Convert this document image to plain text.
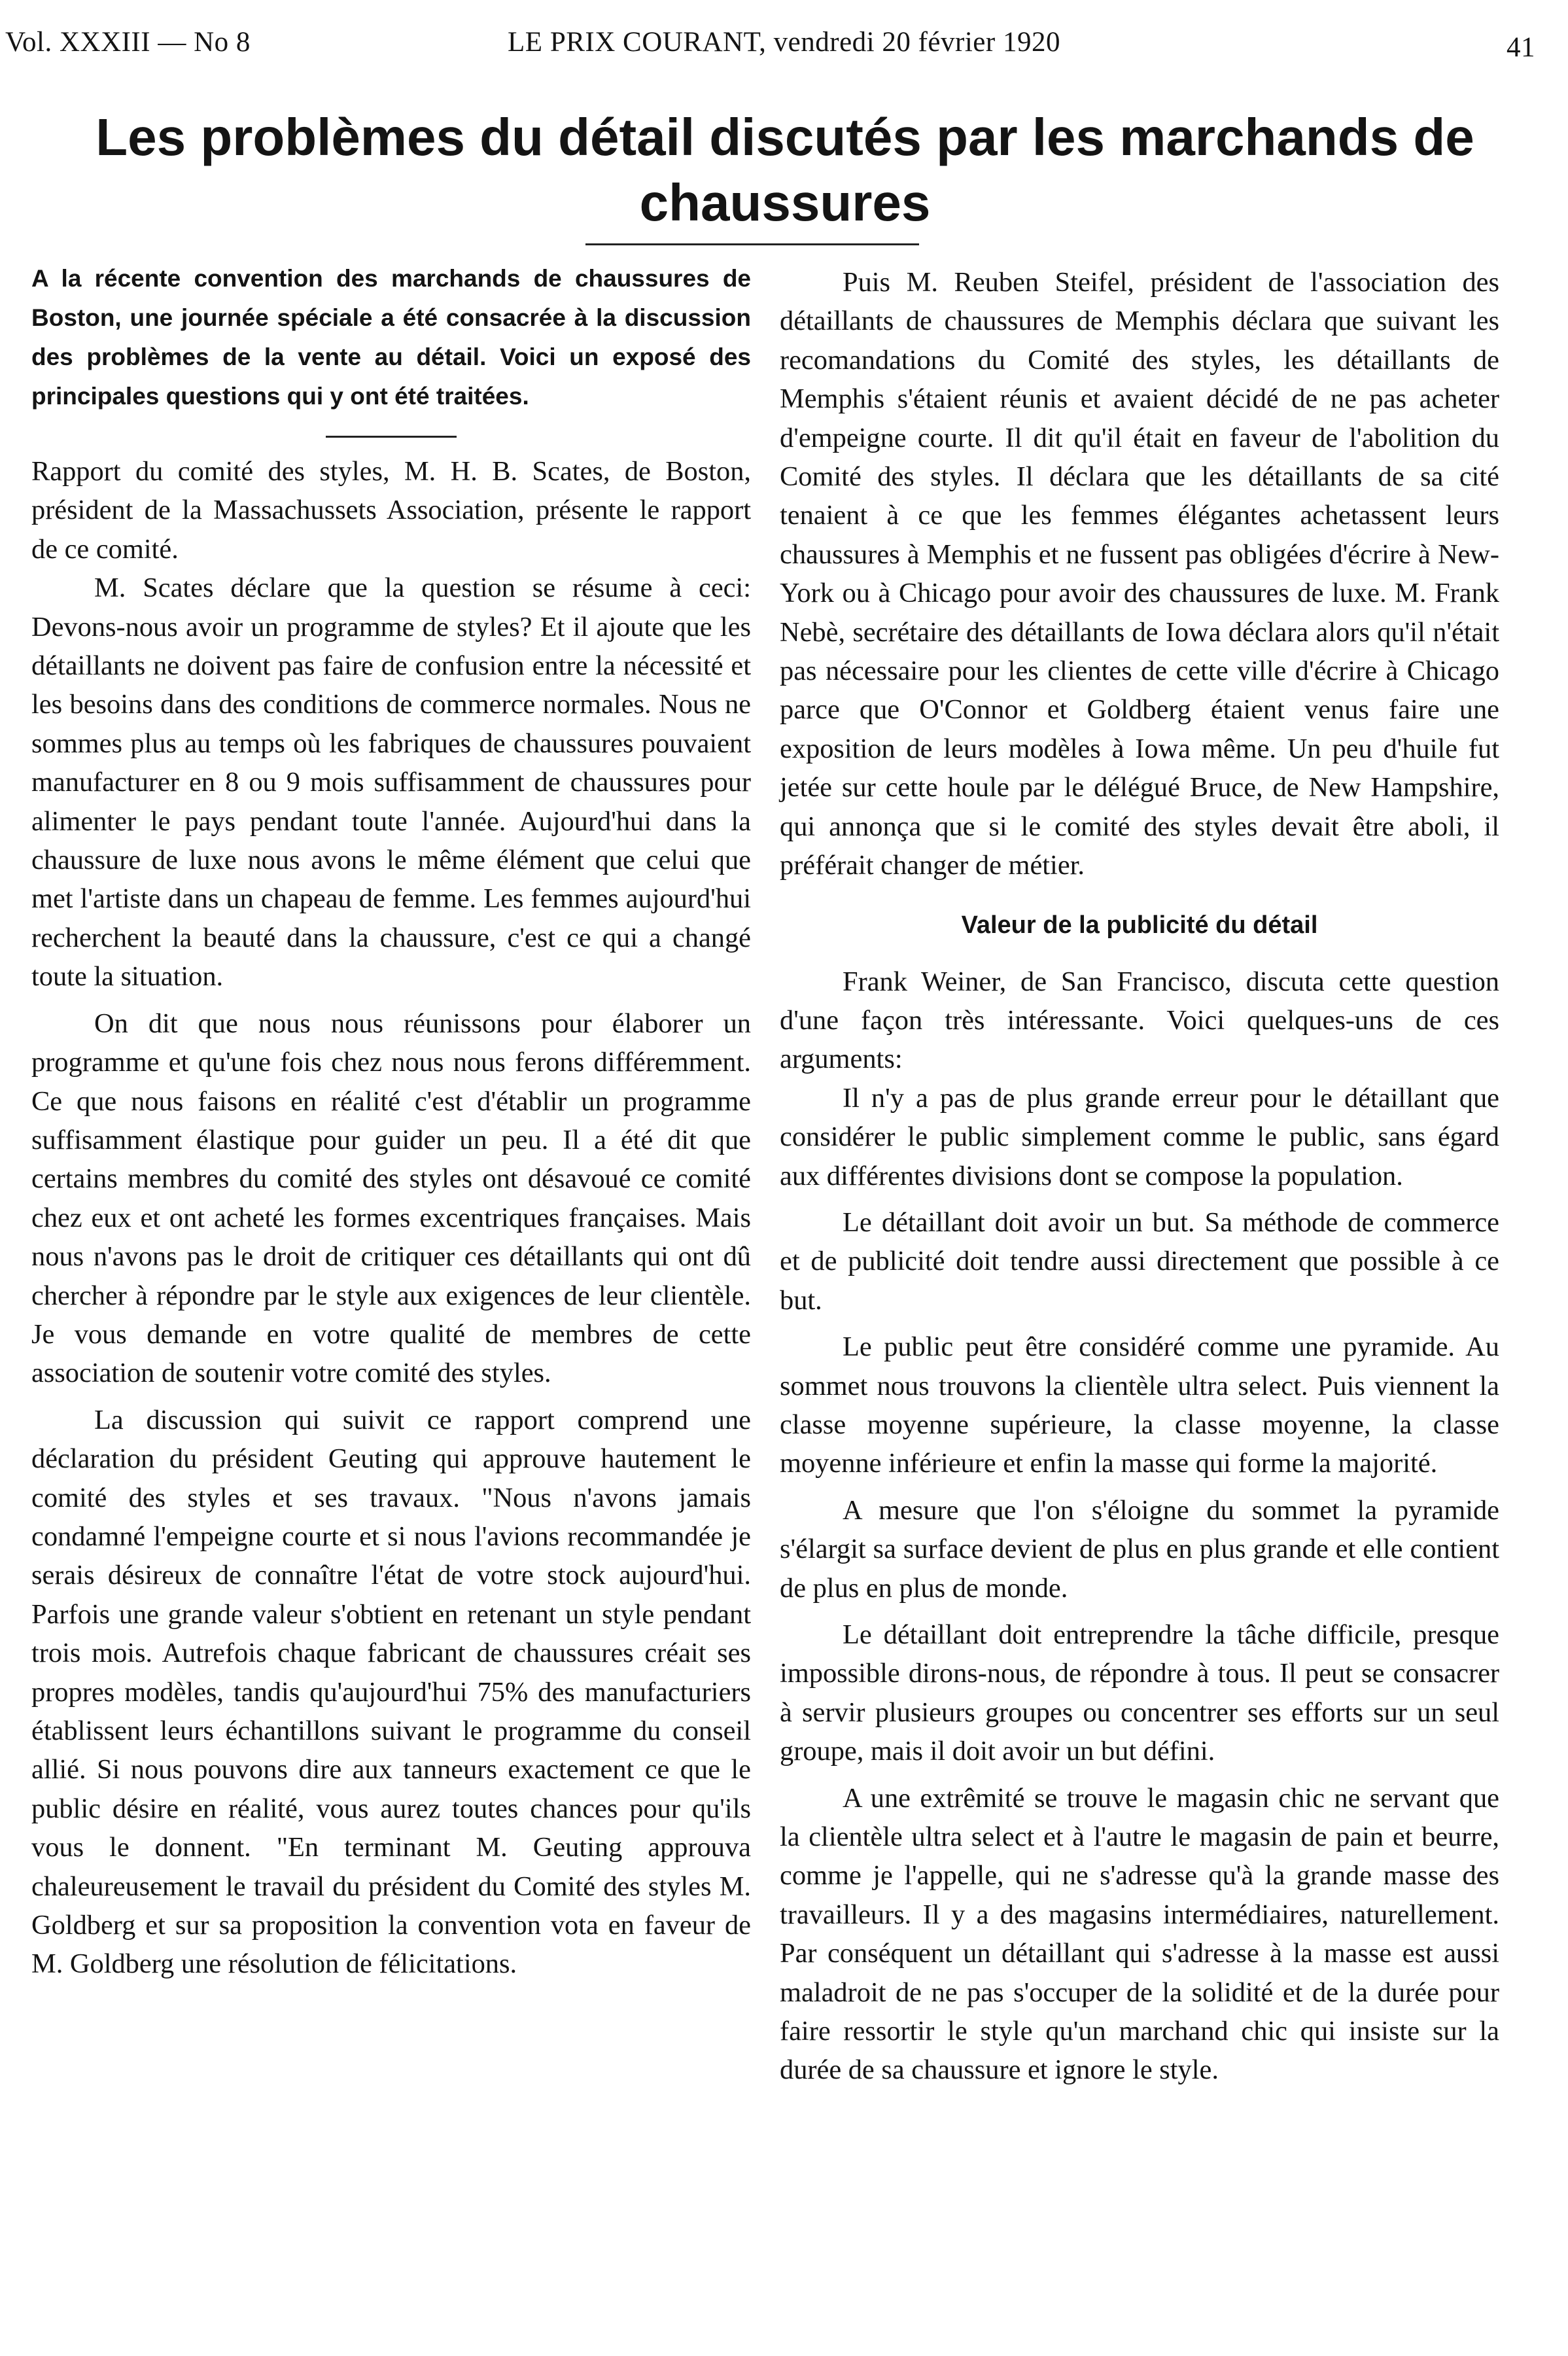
Vol. XXXIII — No 8	LE PRIX COURANT, vendredi 20 février 1920	41
Les problèmes du détail discutés par les marchands de chaussures

A la récente convention des marchands de chaussures de Boston, une journée spéciale a été consacrée à la discussion des problèmes de la vente au détail. Voici un exposé des principales questions qui y ont été traitées.

Rapport du comité des styles, M. H. B. Scates, de Boston, président de la Massachussets Association, présente le rapport de ce comité.

M. Scates déclare que la question se résume à ceci: Devons-nous avoir un programme de styles? Et il ajoute que les détaillants ne doivent pas faire de confusion entre la nécessité et les besoins dans des conditions de commerce normales. Nous ne sommes plus au temps où les fabriques de chaussures pouvaient manufacturer en 8 ou 9 mois suffisamment de chaussures pour alimenter le pays pendant toute l'année. Aujourd'hui dans la chaussure de luxe nous avons le même élément que celui que met l'artiste dans un chapeau de femme. Les femmes aujourd'hui recherchent la beauté dans la chaussure, c'est ce qui a changé toute la situation.

On dit que nous nous réunissons pour élaborer un programme et qu'une fois chez nous nous ferons différemment. Ce que nous faisons en réalité c'est d'établir un programme suffisamment élastique pour guider un peu. Il a été dit que certains membres du comité des styles ont désavoué ce comité chez eux et ont acheté les formes excentriques françaises. Mais nous n'avons pas le droit de critiquer ces détaillants qui ont dû chercher à répondre par le style aux exigences de leur clientèle. Je vous demande en votre qualité de membres de cette association de soutenir votre comité des styles.

La discussion qui suivit ce rapport comprend une déclaration du président Geuting qui approuve hautement le comité des styles et ses travaux. "Nous n'avons jamais condamné l'empeigne courte et si nous l'avions recommandée je serais désireux de connaître l'état de votre stock aujourd'hui. Parfois une grande valeur s'obtient en retenant un style pendant trois mois. Autrefois chaque fabricant de chaussures créait ses propres modèles, tandis qu'aujourd'hui 75% des manufacturiers établissent leurs échantillons suivant le programme du conseil allié. Si nous pouvons dire aux tanneurs exactement ce que le public désire en réalité, vous aurez toutes chances pour qu'ils vous le donnent. "En terminant M. Geuting approuva chaleureusement le travail du président du Comité des styles M. Goldberg et sur sa proposition la convention vota en faveur de M. Goldberg une résolution de félicitations.

Puis M. Reuben Steifel, président de l'association des détaillants de chaussures de Memphis déclara que suivant les recomandations du Comité des styles, les détaillants de Memphis s'étaient réunis et avaient décidé de ne pas acheter d'empeigne courte. Il dit qu'il était en faveur de l'abolition du Comité des styles. Il déclara que les détaillants de sa cité tenaient à ce que les femmes élégantes achetassent leurs chaussures à Memphis et ne fussent pas obligées d'écrire à New-York ou à Chicago pour avoir des chaussures de luxe. M. Frank Nebè, secrétaire des détaillants de Iowa déclara alors qu'il n'était pas nécessaire pour les clientes de cette ville d'écrire à Chicago parce que O'Connor et Goldberg étaient venus faire une exposition de leurs modèles à Iowa même. Un peu d'huile fut jetée sur cette houle par le délégué Bruce, de New Hampshire, qui annonça que si le comité des styles devait être aboli, il préférait changer de métier.

Valeur de la publicité du détail

Frank Weiner, de San Francisco, discuta cette question d'une façon très intéressante. Voici quelques-uns de ces arguments:

Il n'y a pas de plus grande erreur pour le détaillant que considérer le public simplement comme le public, sans égard aux différentes divisions dont se compose la population.

Le détaillant doit avoir un but. Sa méthode de commerce et de publicité doit tendre aussi directement que possible à ce but.

Le public peut être considéré comme une pyramide. Au sommet nous trouvons la clientèle ultra select. Puis viennent la classe moyenne supérieure, la classe moyenne, la classe moyenne inférieure et enfin la masse qui forme la majorité.

A mesure que l'on s'éloigne du sommet la pyramide s'élargit sa surface devient de plus en plus grande et elle contient de plus en plus de monde.

Le détaillant doit entreprendre la tâche difficile, presque impossible dirons-nous, de répondre à tous. Il peut se consacrer à servir plusieurs groupes ou concentrer ses efforts sur un seul groupe, mais il doit avoir un but défini.

A une extrêmité se trouve le magasin chic ne servant que la clientèle ultra select et à l'autre le magasin de pain et beurre, comme je l'appelle, qui ne s'adresse qu'à la grande masse des travailleurs. Il y a des magasins intermédiaires, naturellement. Par conséquent un détaillant qui s'adresse à la masse est aussi maladroit de ne pas s'occuper de la solidité et de la durée pour faire ressortir le style qu'un marchand chic qui insiste sur la durée de sa chaussure et ignore le style.
